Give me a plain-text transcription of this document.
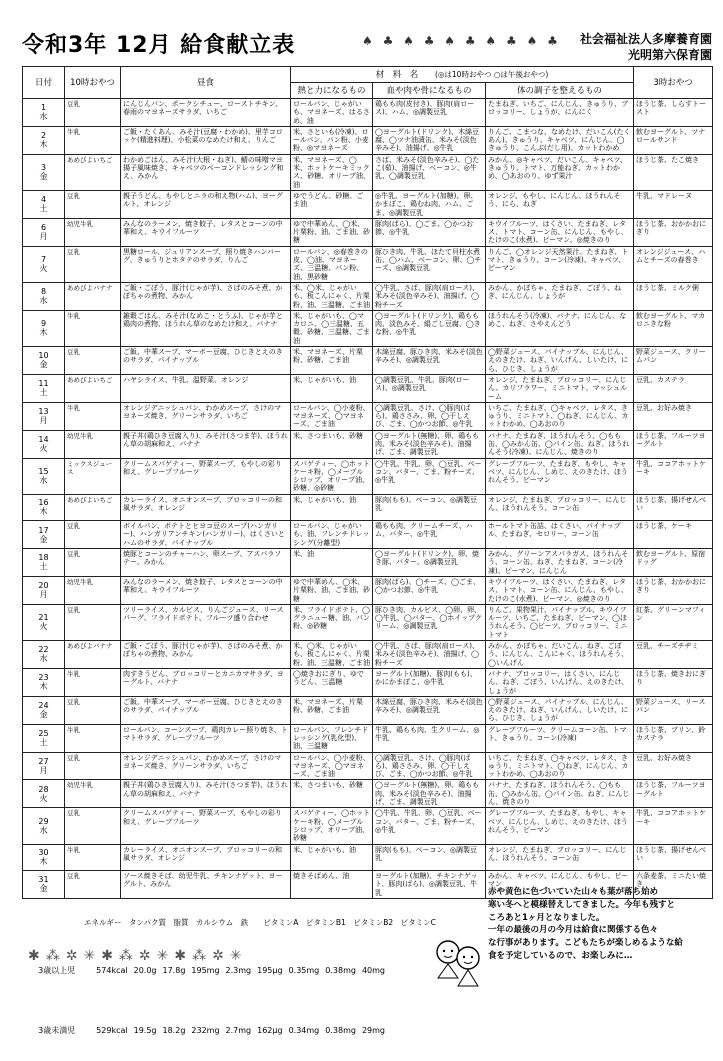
令和3年 12月 給食献立表	♠ ♣ ♠ ♣ ♠ ♣ ♠ ♣ ♠ ♣ 社会福祉法人多摩養育園
光明第六保育園
日付	10時おやつ	昼食	材　料　名 (◎は10時おやつ ○は午後おやつ)			3時おやつ
			熱と力になるもの	血や肉や骨になるもの	体の調子を整えるもの	

1
水	豆乳	にんじんパン、ポークシチュー、ローストチキン、春雨のマヨネーズサラダ、いちご	ロールパン、じゃがいも、マヨネーズ、はるさめ、油	鶏もも肉(皮付き)、豚肉(肩ロース)、ハム、◎調製豆乳	たまねぎ、いちご、にんじん、きゅうり、ブロッコリー、しょうが、にんにく	ほうじ茶、しらすトースト

2
木	牛乳	ご飯・たくあん、みそ汁(豆腐・わかめ)、里芋コロッケ(精進料理)、小松菜のなめたけ和え、りんご	米、さといも(冷凍)、ロールパン、パン粉、小麦粉、◎マヨネーズ	◯ヨーグルト(ドリンク)、木綿豆腐、◯ツナ油漬缶、米みそ(淡色辛みそ)、油揚げ、◎牛乳	りんご、こまつな、なめたけ、だいこん(たくあん)、きゅうり、キャベツ、にんじん、◯きゅうり、こんぶ(だし用)、カットわかめ	飲むヨーグルト、ツナロールサンド

3
金	あめびよいちご	わかめごはん、みそ汁(大根・ねぎ)、鯖の味噌マヨ揚子風味焼き、キャベツのベーコンドレッシング和え、みかん	米、マヨネーズ、◯米、ホットケーキミックス、砂糖、オリーブ油、油	さば、米みそ(淡色辛みそ)、◯たこ(茹)、油揚げ、ベーコン、◎牛乳、◯調製豆乳	みかん、◎キャベツ、だいこん、キャベツ、きゅうり、トマト、万能ねぎ、カットわかめ、◯あおのり、ゆず果汁	ほうじ茶、たこ焼き

4
土	豆乳	親子うどん、もやしとニラの和え物(ハム)、ヨーグルト、オレンジ	ゆでうどん、砂糖、ごま油	◎牛乳、ヨーグルト(加糖)、卵、かまぼこ、鶏むね肉、ハム、ごま、◎調製豆乳	オレンジ、もやし、にんじん、ほうれんそう、にら、ねぎ	牛乳、マドレーヌ

6
月	幼児牛乳	みんなのラーメン、焼き餃子、レタスとコーンの中華和え、キウイフルーツ	ゆで中華めん、◯米、片栗粉、油、ごま油、砂糖	豚肉(ばら)、◯ごま、◯かつお節、◎牛乳	キウイフルーツ、はくさい、たまねぎ、レタス、トマト、コーン缶、にんじん、もやし、たけのこ(水煮)、ピーマン、◎焼きのり	ほうじ茶、おかかおにぎり

7
火	豆乳	黒糖ロール、ジュリアンスープ、照り焼きハンバーグ、きゅうりとホタテのサラダ、りんご	ロールパン、◎春巻きの皮、◯油、マヨネーズ、三温糖、パン粉、油、黒砂糖	豚ひき肉、牛乳、ほたて貝柱水煮缶、◯ハム、ベーコン、卵、◯チーズ、◎調製豆乳	りんご、◯オレンジ天然果汁、たまねぎ、トマト、きゅうり、コーン(冷凍)、キャベツ、ピーマン	オレンジジュース、ハムとチーズの春巻き

8
水	あめびよバナナ	ご飯・ごぼう、豚汁(じゃが芋)、さばのみそ煮、かぼちゃの煮物、みかん	米、◯米、じゃがいも、板こんにゃく、片栗粉、油、三温糖、ごま油	◯牛乳、さば、豚肉(肩ロース)、米みそ(淡色辛みそ)、油揚げ、◯粉チーズ	みかん、かぼちゃ、たまねぎ、ごぼう、ねぎ、にんじん、しょうが	ほうじ茶、ミルク粥

9
木	牛乳	雑穀ごはん、みそ汁(なめこ・とうふ)、じゃが芋と鶏肉の煮物、ほうれん草のなめたけ和え、バナナ	米、じゃがいも、◯マカロニ、◯三温糖、五穀、砂糖、三温糖、ごま油	◯ヨーグルト(ドリンク)、鶏もも肉、淡色みそ、絹ごし豆腐、◯きな粉、◎牛乳	ほうれんそう(冷凍)、バナナ、にんじん、なめこ、ねぎ、さやえんどう	飲むヨーグルト、マカロニきな粉

10
金	豆乳	ご飯、中華スープ、マーボー豆腐、ひじきとえのきのサラダ、パイナップル	米、マヨネーズ、片栗粉、砂糖、ごま油	木綿豆腐、豚ひき肉、米みそ(淡色辛みそ)、◎調製豆乳	◯野菜ジュース、パイナップル、にんじん、えのきたけ、ねぎ、いんげん、しいたけ、にら、ひじき、しょうが	野菜ジュース、クリームパン

11
土	あめびよいちご	ハヤシライス、牛乳、温野菜、オレンジ	米、じゃがいも、油	◯調製豆乳、牛乳、豚肉(ロース)、◎調製豆乳	オレンジ、たまねぎ、ブロッコリー、にんじん、カリフラワー、ミニトマト、マッシュルーム	豆乳、カステラ

13
月	牛乳	オレンジデニッシュパン、わかめスープ、さけのマヨネーズ焼き、グリーンサラダ、いちご	ロールパン、◯小麦粉、マヨネーズ、◯マヨネーズ、ごま油	◯調製豆乳、さけ、◯豚肉(ばら)、鶏ささみ、卵、◯干しえび、ごま、◯かつお節、◎牛乳	いちご、たまねぎ、◯キャベツ、レタス、きゅうり、ミニトマト、◯ねぎ、にんじん、カットわかめ、◯あおのり	豆乳、お好み焼き

14
火	幼児牛乳	親子丼(鶏ひき豆腐入り)、みそ汁(さつま芋)、ほうれん草の胡麻和え、バナナ	米、さつまいも、砂糖	◯ヨーグルト(無糖)、卵、鶏もも肉、米みそ(淡色辛みそ)、油揚げ、ごま、調製豆乳	バナナ、たまねぎ、ほうれんそう、◯もも缶、◯みかん缶、◯パイン缶、ねぎ、ほうれんそう(冷凍)、にんじん、焼きのり	ほうじ茶、フルーツヨーグルト

15
水	ミックスジュース	クリームスパゲティー、野菜スープ、もやしの彩り和え、グレープフルーツ	スパゲティー、◯ホットケーキ粉、◯メープルシロップ、オリーブ油、砂糖、◎砂糖	◯牛乳、牛乳、卵、◯豆乳、ベーコン、バター、ごま、粉チーズ、◎牛乳	グレープフルーツ、たまねぎ、もやし、キャベツ、にんじん、しめじ、えのきたけ、ほうれんそう、ピーマン	牛乳、ココアホットケーキ

16
木	あめびよいちご	カレーライス、オニオンスープ、ブロッコリーの和風サラダ、オレンジ	米、じゃがいも、油	豚肉(もも)、ベーコン、◎調製豆乳	オレンジ、たまねぎ、ブロッコリー、にんじん、ほうれんそう、コーン缶	ほうじ茶、揚げせんべい

17
金	豆乳	ボイルパン、ボテトとヒヨコ豆のスープ(ハンガリー)、ハンガリアンチキン(ハンガリー)、はくさいとハムのサラダ、パイナップル	ロールパン、じゃがいも、油、フレンチドレッシング(分離型)	鶏もも肉、クリームチーズ、ハム、バター、◎牛乳	ホールトマト缶詰、はくさい、パイナップル、たまねぎ、セロリー、コーン缶	ほうじ茶、ケーキ

18
土	豆乳	焼豚とコーンのチャーハン、卵スープ、アスパラソテー、みかん	米、油	◯ヨーグルト(ドリンク)、卵、焼き豚、バター、◎調製豆乳	みかん、グリーンアスパラガス、ほうれんそう、コーン缶、ねぎ、たまねぎ、コーン(冷凍)、ピーマン、にんじん	飲むヨーグルト、原宿ドッグ

20
月	幼児牛乳	みんなのラーメン、焼き餃子、レタスとコーンの中華和え、キウイフルーツ	ゆで中華めん、◯米、片栗粉、油、ごま油、砂糖	豚肉(ばら)、◯チーズ、◯ごま、◯かつお節、◎牛乳	キウイフルーツ、はくさい、たまねぎ、レタス、トマト、コーン缶、にんじん、もやし、たけのこ(水煮)、ピーマン、◎焼きのり	ほうじ茶、おかかおにぎり

21
火	豆乳	ツリーライス、カルビス、りんごジュース、リースパーグ、フライドポテト、フルーツ盛り合わせ	米、フライドポテト、◯グラニュー糖、油、パン粉、◎砂糖	豚ひき肉、カルビス、◯卵、卵、◯牛乳、◯バター、◯ホイップクリーム、◎調製豆乳	りんご、果物果汁、パイナップル、キウイフルーツ、いちご、たまねぎ、ピーマン、◯ほうれんそう、◯ビーツ、ブロッコリー、ミニトマト	紅茶、グリーンマフィン

22
水	あめびよバナナ	ご飯・ごぼう、豚汁(じゃが芋)、さばのみそ煮、かぼちゃの煮物、みかん	米、◯米、じゃがいも、板こんにゃく、片栗粉、油、三温糖、ごま油	◯牛乳、さば、豚肉(肩ロース)、米みそ(淡色辛みそ)、油揚げ、◯粉チーズ	みかん、かぼちゃ、だいこん、ねぎ、ごぼう、にんじん、こんにゃく、ほうれんそう、◯いんげん	豆乳、チーズチヂミ

23
木	牛乳	肉すきうどん、ブロッコリーとカニカマサラダ、ヨーグルト、バナナ	◯焼きおにぎり、ゆでうどん、三温糖	ヨーグルト(加糖)、豚肉(もも)、かにかまぼこ、◎牛乳	バナナ、ブロッコリー、はくさい、にんじん、ねぎ、ごぼう、いんげん、えのきたけ、しょうが	ほうじ茶、焼きおにぎり

24
金	豆乳	ご飯、中華スープ、マーボー豆腐、ひじきとえのきのサラダ、パイナップル	米、マヨネーズ、片栗粉、砂糖、ごま油	木綿豆腐、豚ひき肉、米みそ(淡色辛みそ)、◎調製豆乳	◯野菜ジュース、パイナップル、にんじん、えのきたけ、ねぎ、いんげん、しいたけ、にら、ひじき、しょうが	野菜ジュース、リースパン

25
土	牛乳	ロールパン、コーンスープ、鶏肉カレー照り焼き、トマトサラダ、グレープフルーツ	ロールパン、フレンチドレッシング(乳化型)、油、三温糖	牛乳、鶏もも肉、生クリーム、◎牛乳	グレープフルーツ、クリームコーン缶、トマト、きゅうり、コーン(冷凍)	ほうじ茶、プリン、鈴カステラ

27
月	豆乳	オレンジデニッシュパン、わかめスープ、さけのマヨネーズ焼き、グリーンサラダ、いちご	ロールパン、◯小麦粉、マヨネーズ、◯マヨネーズ、ごま油	◯調製豆乳、さけ、◯豚肉(ばら)、鶏ささみ、卵、◯干しえび、ごま、◯かつお節、◎牛乳	いちご、たまねぎ、◯キャベツ、レタス、きゅうり、ミニトマト、◯ねぎ、にんじん、カットわかめ、◯あおのり	豆乳、お好み焼き

28
火	幼児牛乳	親子丼(鶏ひき豆腐入り)、みそ汁(さつま芋)、ほうれん草の胡麻和え、バナナ	米、さつまいも、砂糖	◯ヨーグルト(無糖)、卵、鶏もも肉、米みそ(淡色辛みそ)、油揚げ、ごま、調製豆乳	バナナ、たまねぎ、ほうれんそう、◯もも缶、◯みかん缶、◯パイン缶、ねぎ、にんじん、焼きのり	ほうじ茶、フルーツヨーグルト

29
水	豆乳	クリームスパゲティー、野菜スープ、もやしの彩り和え、グレープフルーツ	スパゲティー、◯ホットケーキ粉、◯メープルシロップ、オリーブ油、砂糖	◯牛乳、牛乳、卵、◯豆乳、ベーコン、バター、ごま、粉チーズ、◎牛乳	グレープフルーツ、たまねぎ、もやし、キャベツ、にんじん、しめじ、えのきたけ、ほうれんそう、ピーマン	牛乳、ココアホットケーキ

30
木	牛乳	カレーライス、オニオンスープ、ブロッコリーの和風サラダ、オレンジ	米、じゃがいも、油	豚肉(もも)、ベーコン、◎調製豆乳	オレンジ、たまねぎ、ブロッコリー、にんじん、ほうれんそう、コーン缶	ほうじ茶、揚げせんべい

31
金	豆乳	ソース焼きそば、幼児牛乳、チキンナゲット、ヨーグルト、みかん	焼きそばめん、油	ヨーグルト(加糖)、チキンナゲット、豚肉(ばら)、◎調製豆乳、牛乳	みかん、キャベツ、にんじん、もやし、ピーマン	六条麦茶、ミニたい焼き

エネルギー　タンパク質　脂質　カルシウム　鉄　　ビタミンA　ビタミンB1　ビタミンB2　ビタミンC

3歳以上児	574kcal 20.0g 17.8g 195mg 2.3mg 195μg 0.35mg 0.38mg 40mg

3歳未満児	529kcal 19.5g 18.2g 232mg 2.7mg 162μg 0.34mg 0.38mg 29mg

赤や黄色に色づいていた山々も葉が落ち始め
寒い冬へと模様替えしてきました。今年も残すと
ころあと1ヶ月となりました。
一年の最後の月の今月は給食に関係する色々
な行事があります。こどもたちが楽しめるような給
食を予定しているので、お楽しみに…
✱⁂✲✳✱⁂✲✳✱⁂✲✳
